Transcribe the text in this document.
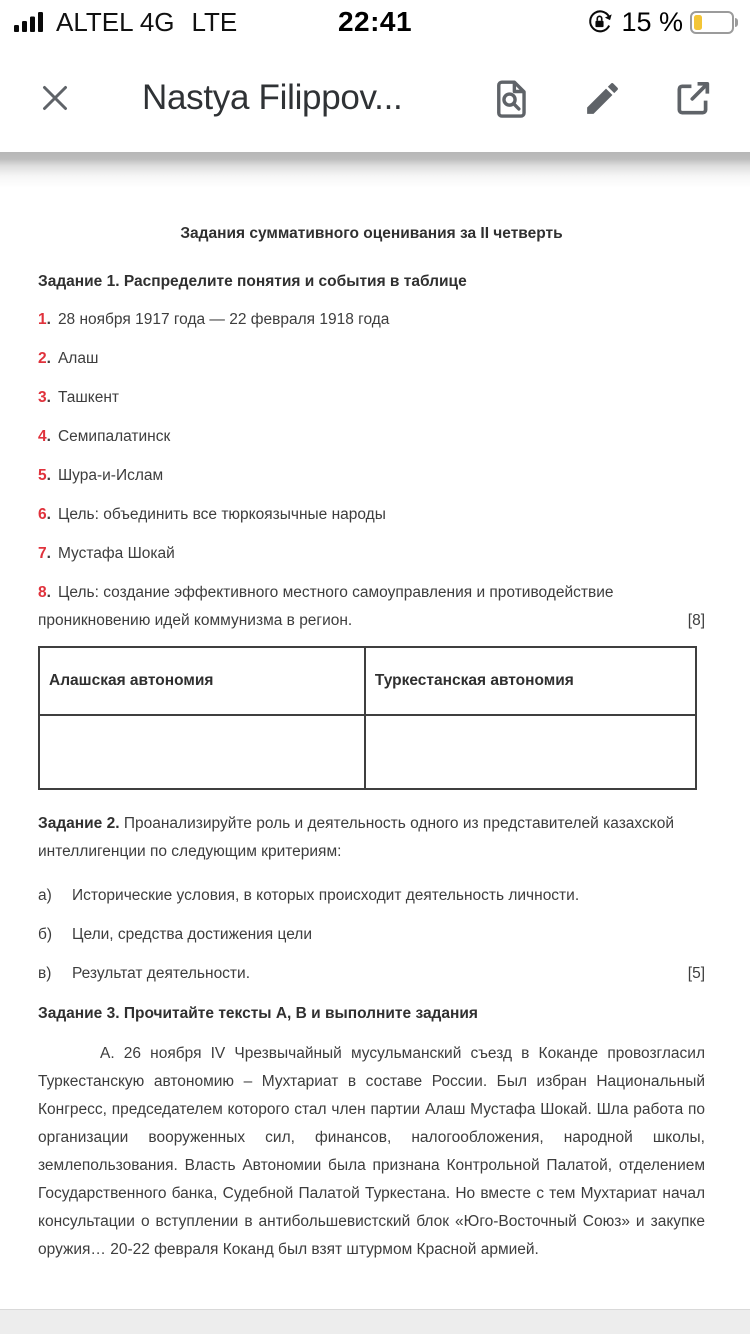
ALTEL 4G LTE	22:41	15 %
Nastya Filippov...
Задания суммативного оценивания за II четверть
Задание 1. Распределите понятия и события в таблице
1. 28 ноября 1917 года — 22 февраля 1918 года
2. Алаш
3. Ташкент
4. Семипалатинск
5. Шура-и-Ислам
6. Цель: объединить все тюркоязычные народы
7. Мустафа Шокай
8. Цель: создание эффективного местного самоуправления и противодействие проникновению идей коммунизма в регион.	[8]
Алашская автономия	Туркестанская автономия

Задание 2. Проанализируйте роль и деятельность одного из представителей казахской интеллигенции по следующим критериям:

а)	Исторические условия, в которых происходит деятельность личности.
б)	Цели, средства достижения цели
в)	Результат деятельности.	[5]
Задание 3. Прочитайте тексты А, В и выполните задания

А. 26 ноября IV Чрезвычайный мусульманский съезд в Коканде провозгласил Туркестанскую автономию – Мухтариат в составе России. Был избран Национальный Конгресс, председателем которого стал член партии Алаш Мустафа Шокай. Шла работа по организации вооруженных сил, финансов, налогообложения, народной школы, землепользования. Власть Автономии была признана Контрольной Палатой, отделением Государственного банка, Судебной Палатой Туркестана. Но вместе с тем Мухтариат начал консультации о вступлении в антибольшевистский блок «Юго-Восточный Союз» и закупке оружия… 20-22 февраля Коканд был взят штурмом Красной армией.
